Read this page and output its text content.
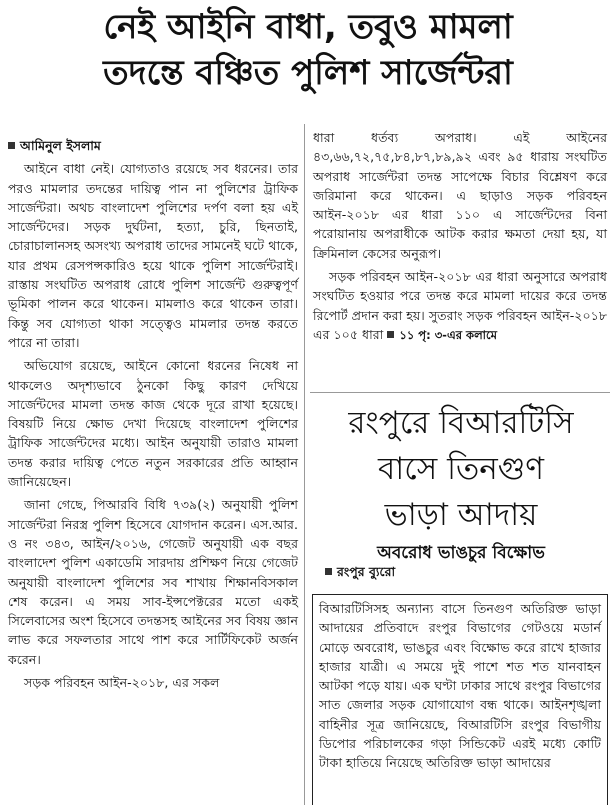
নেই আইনি বাধা, তবুও মামলা
তদন্তে বঞ্চিত পুলিশ সার্জেন্টরা
আমিনুল ইসলাম

আইনে বাধা নেই। যোগ্যতাও রয়েছে সব ধরনের। তার পরও মামলার তদন্তের দায়িত্ব পান না পুলিশের ট্রাফিক সার্জেন্টরা। অথচ বাংলাদেশ পুলিশের দর্পণ বলা হয় এই সার্জেন্টদের। সড়ক দুর্ঘটনা, হত্যা, চুরি, ছিনতাই, চোরাচালানসহ অসংখ্য অপরাধ তাদের সামনেই ঘটে থাকে, যার প্রথম রেসপন্সকারিও হয়ে থাকে পুলিশ সার্জেন্টরাই। রাস্তায় সংঘটিত অপরাধ রোধে পুলিশ সার্জেন্ট গুরুত্বপূর্ণ ভূমিকা পালন করে থাকেন। মামলাও করে থাকেন তারা। কিন্তু সব যোগ্যতা থাকা সত্ত্বেও মামলার তদন্ত করতে পারে না তারা।

অভিযোগ রয়েছে, আইনে কোনো ধরনের নিষেধ না থাকলেও অদৃশ্যভাবে ঠুনকো কিছু কারণ দেখিয়ে সার্জেন্টদের মামলা তদন্ত কাজ থেকে দূরে রাখা হয়েছে। বিষয়টি নিয়ে ক্ষোভ দেখা দিয়েছে বাংলাদেশ পুলিশের ট্রাফিক সার্জেন্টদের মধ্যে। আইন অনুযায়ী তারাও মামলা তদন্ত করার দায়িত্ব পেতে নতুন সরকারের প্রতি আহ্বান জানিয়েছেন।

জানা গেছে, পিআরবি বিধি ৭৩৯(২) অনুযায়ী পুলিশ সার্জেন্টরা নিরস্ত্র পুলিশ হিসেবে যোগদান করেন। এস.আর. ও নং ৩৪৩, আইন/২০১৬, গেজেট অনুযায়ী এক বছর বাংলাদেশ পুলিশ একাডেমি সারদায় প্রশিক্ষণ নিয়ে গেজেট অনুযায়ী বাংলাদেশ পুলিশের সব শাখায় শিক্ষানবিসকাল শেষ করেন। এ সময় সাব-ইন্সপেক্টরের মতো একই সিলেবাসের অংশ হিসেবে তদন্তসহ আইনের সব বিষয় জ্ঞান লাভ করে সফলতার সাথে পাশ করে সার্টিফিকেট অর্জন করেন।

সড়ক পরিবহন আইন-২০১৮, এর সকল

ধারা ধর্তব্য অপরাধ। এই আইনের ৪৩,৬৬,৭২,৭৫,৮৪,৮৭,৮৯,৯২ এবং ৯৫ ধারায় সংঘটিত অপরাধ সার্জেন্টরা তদন্ত সাপেক্ষে বিচার বিশ্লেষণ করে জরিমানা করে থাকেন। এ ছাড়াও সড়ক পরিবহন আইন-২০১৮ এর ধারা ১১০ এ সার্জেন্টদের বিনা পরোয়ানায় অপরাধীকে আটক করার ক্ষমতা দেয়া হয়, যা ক্রিমিনাল কেসের অনুরূপ।

সড়ক পরিবহন আইন-২০১৮ এর ধারা অনুসারে অপরাধ সংঘটিত হওয়ার পরে তদন্ত করে মামলা দায়ের করে তদন্ত রিপোর্ট প্রদান করা হয়। সুতরাং সড়ক পরিবহন আইন-২০১৮ এর ১০৫ ধারা ১১ পৃ: ৩-এর কলামে

রংপুরে বিআরটিসি
বাসে তিনগুণ
ভাড়া আদায়
অবরোধ ভাঙচুর বিক্ষোভ
রংপুর ব্যুরো
বিআরটিসিসহ অন্যান্য বাসে তিনগুণ অতিরিক্ত ভাড়া আদায়ের প্রতিবাদে রংপুর বিভাগের গেটওয়ে মডার্ন মোড়ে অবরোধ, ভাঙচুর এবং বিক্ষোভ করে রাখে হাজার হাজার যাত্রী। এ সময়ে দুই পাশে শত শত যানবাহন আটকা পড়ে যায়। এক ঘণ্টা ঢাকার সাথে রংপুর বিভাগের সাত জেলার সড়ক যোগাযোগ বন্ধ থাকে। আইনশৃঙ্খলা বাহিনীর সূত্র জানিয়েছে, বিআরটিসি রংপুর বিভাগীয় ডিপোর পরিচালকের গড়া সিন্ডিকেট এরই মধ্যে কোটি টাকা হাতিয়ে নিয়েছে অতিরিক্ত ভাড়া আদায়ের
